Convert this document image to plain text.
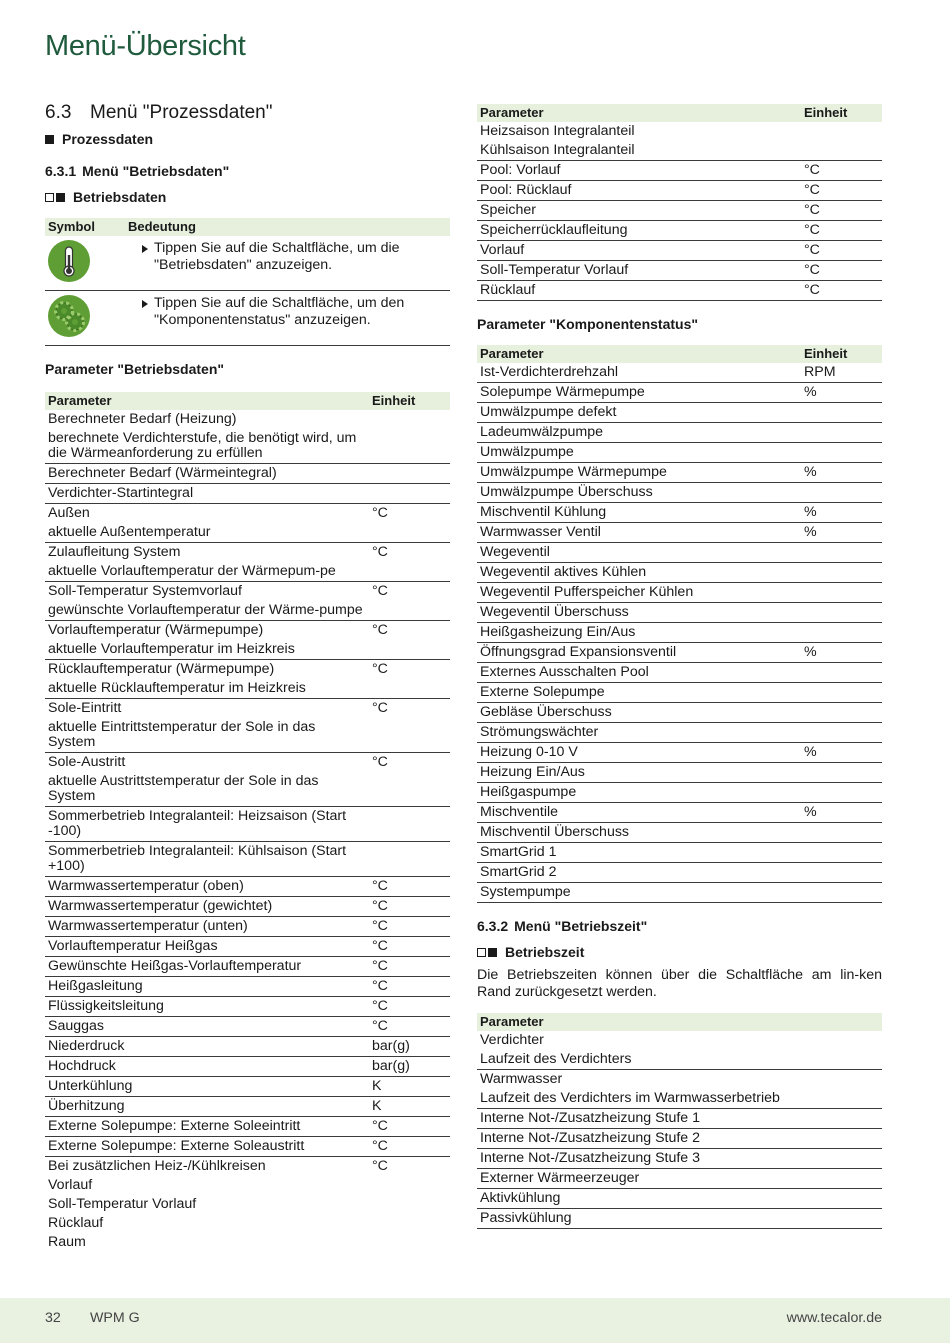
Menü-Übersicht
6.3 Menü "Prozessdaten"
Prozessdaten
6.3.1 Menü "Betriebsdaten"
Betriebsdaten
Symbol	Bedeutung

Tippen Sie auf die Schaltfläche, um die "Betriebsdaten" anzuzeigen.

Tippen Sie auf die Schaltfläche, um den "Komponentenstatus" anzuzeigen.
Parameter "Betriebsdaten"
Parameter	Einheit
Berechneter Bedarf (Heizung)	
berechnete Verdichterstufe, die benötigt wird, um die Wärmeanforderung zu erfüllen	
Berechneter Bedarf (Wärmeintegral)	
Verdichter-Startintegral	
Außen	°C
aktuelle Außentemperatur	
Zulaufleitung System	°C
aktuelle Vorlauftemperatur der Wärmepum-pe	
Soll-Temperatur Systemvorlauf	°C
gewünschte Vorlauftemperatur der Wärme-pumpe	
Vorlauftemperatur (Wärmepumpe)	°C
aktuelle Vorlauftemperatur im Heizkreis	
Rücklauftemperatur (Wärmepumpe)	°C
aktuelle Rücklauftemperatur im Heizkreis	
Sole-Eintritt	°C
aktuelle Eintrittstemperatur der Sole in das System	
Sole-Austritt	°C
aktuelle Austrittstemperatur der Sole in das System	
Sommerbetrieb Integralanteil: Heizsaison (Start -100)	
Sommerbetrieb Integralanteil: Kühlsaison (Start +100)	
Warmwassertemperatur (oben)	°C
Warmwassertemperatur (gewichtet)	°C
Warmwassertemperatur (unten)	°C
Vorlauftemperatur Heißgas	°C
Gewünschte Heißgas-Vorlauftemperatur	°C
Heißgasleitung	°C
Flüssigkeitsleitung	°C
Sauggas	°C
Niederdruck	bar(g)
Hochdruck	bar(g)
Unterkühlung	K
Überhitzung	K
Externe Solepumpe: Externe Soleeintritt	°C
Externe Solepumpe: Externe Soleaustritt	°C
Bei zusätzlichen Heiz-/Kühlkreisen	°C
Vorlauf	
Soll-Temperatur Vorlauf	
Rücklauf	
Raum	
Parameter	Einheit
Heizsaison Integralanteil	
Kühlsaison Integralanteil	
Pool: Vorlauf	°C
Pool: Rücklauf	°C
Speicher	°C
Speicherrücklaufleitung	°C
Vorlauf	°C
Soll-Temperatur Vorlauf	°C
Rücklauf	°C
Parameter "Komponentenstatus"
Parameter	Einheit
Ist-Verdichterdrehzahl	RPM
Solepumpe Wärmepumpe	%
Umwälzpumpe defekt	
Ladeumwälzpumpe	
Umwälzpumpe	
Umwälzpumpe Wärmepumpe	%
Umwälzpumpe Überschuss	
Mischventil Kühlung	%
Warmwasser Ventil	%
Wegeventil	
Wegeventil aktives Kühlen	
Wegeventil Pufferspeicher Kühlen	
Wegeventil Überschuss	
Heißgasheizung Ein/Aus	
Öffnungsgrad Expansionsventil	%
Externes Ausschalten Pool	
Externe Solepumpe	
Gebläse Überschuss	
Strömungswächter	
Heizung 0-10 V	%
Heizung Ein/Aus	
Heißgaspumpe	
Mischventile	%
Mischventil Überschuss	
SmartGrid 1	
SmartGrid 2	
Systempumpe	
6.3.2 Menü "Betriebszeit"
Betriebszeit

Die Betriebszeiten können über die Schaltfläche am lin-ken Rand zurückgesetzt werden.

Parameter
Verdichter
Laufzeit des Verdichters
Warmwasser
Laufzeit des Verdichters im Warmwasserbetrieb
Interne Not-/Zusatzheizung Stufe 1
Interne Not-/Zusatzheizung Stufe 2
Interne Not-/Zusatzheizung Stufe 3
Externer Wärmeerzeuger
Aktivkühlung
Passivkühlung
32 WPM G	www.tecalor.de
